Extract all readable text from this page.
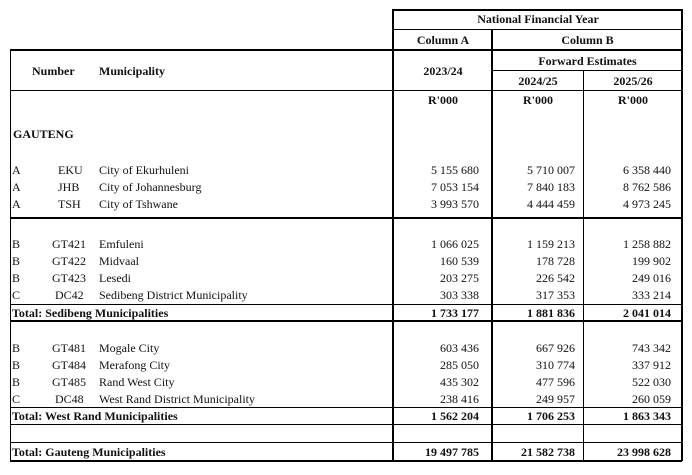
National Financial Year
Column A	Column B
Number Municipality
Forward Estimates
2023/24
2024/25	2025/26
R'000	R'000	R'000
GAUTENG
A	EKU City of Ekurhuleni	5 155 680	5 710 007	6 358 440
A	JHB City of Johannesburg	7 053 154	7 840 183	8 762 586
A	TSH City of Tshwane	3 993 570	4 444 459	4 973 245
B	GT421 Emfuleni	1 066 025	1 159 213	1 258 882
B	GT422 Midvaal	160 539	178 728	199 902
B	GT423 Lesedi	203 275	226 542	249 016
C	DC42 Sedibeng District Municipality	303 338	317 353	333 214
Total: Sedibeng Municipalities	1 733 177	1 881 836	2 041 014
B	GT481 Mogale City	603 436	667 926	743 342
B	GT484 Merafong City	285 050	310 774	337 912
B	GT485 Rand West City	435 302	477 596	522 030
C	DC48 West Rand District Municipality	238 416	249 957	260 059
Total: West Rand Municipalities	1 562 204	1 706 253	1 863 343
Total: Gauteng Municipalities	19 497 785	21 582 738	23 998 628
